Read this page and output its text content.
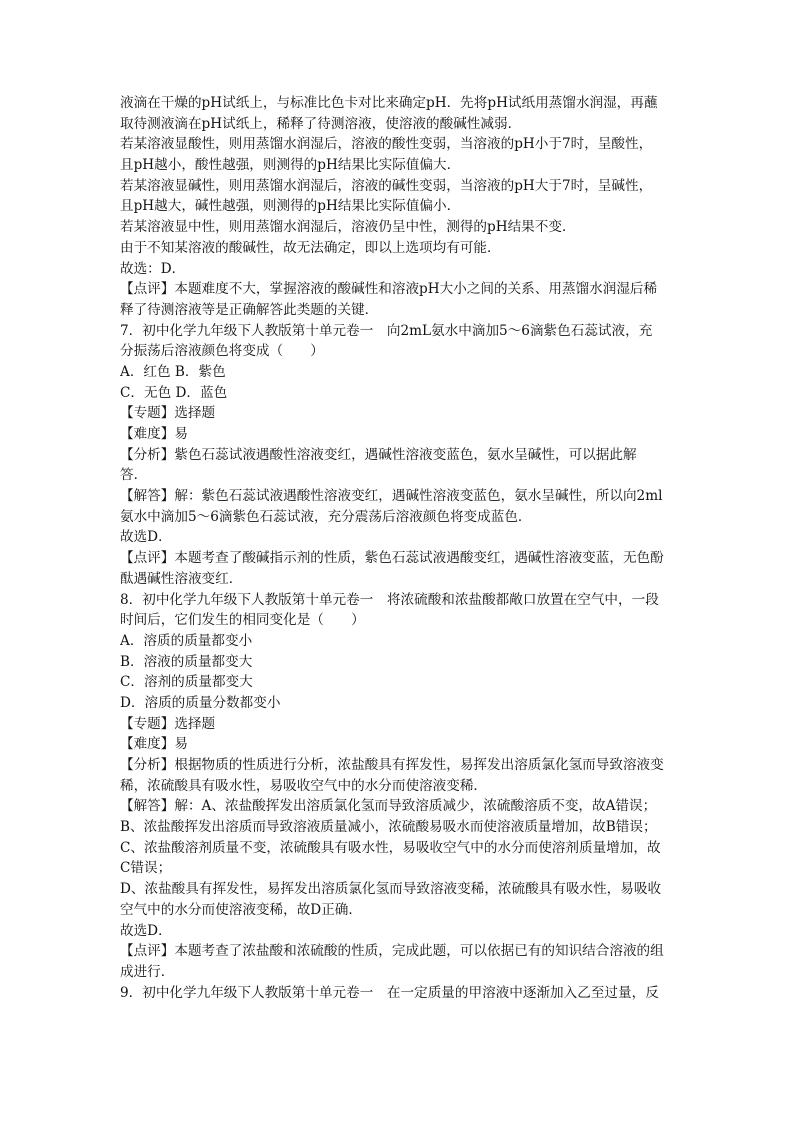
液滴在干燥的pH试纸上，与标准比色卡对比来确定pH．先将pH试纸用蒸馏水润湿，再蘸
取待测液滴在pH试纸上，稀释了待测溶液，使溶液的酸碱性减弱．
若某溶液显酸性，则用蒸馏水润湿后，溶液的酸性变弱，当溶液的pH小于7时，呈酸性，
且pH越小，酸性越强，则测得的pH结果比实际值偏大．
若某溶液显碱性，则用蒸馏水润湿后，溶液的碱性变弱，当溶液的pH大于7时，呈碱性，
且pH越大，碱性越强，则测得的pH结果比实际值偏小．
若某溶液显中性，则用蒸馏水润湿后，溶液仍呈中性，测得的pH结果不变．
由于不知某溶液的酸碱性，故无法确定，即以上选项均有可能．
故选：D．
【点评】本题难度不大，掌握溶液的酸碱性和溶液pH大小之间的关系、用蒸馏水润湿后稀
释了待测溶液等是正确解答此类题的关键．
7．初中化学九年级下人教版第十单元卷一　向2mL氨水中滴加5～6滴紫色石蕊试液，充
分振荡后溶液颜色将变成（　　）
A．红色 B．紫色
C．无色 D．蓝色
【专题】选择题
【难度】易
【分析】紫色石蕊试液遇酸性溶液变红，遇碱性溶液变蓝色，氨水呈碱性，可以据此解
答．
【解答】解：紫色石蕊试液遇酸性溶液变红，遇碱性溶液变蓝色，氨水呈碱性，所以向2ml
氨水中滴加5～6滴紫色石蕊试液，充分震荡后溶液颜色将变成蓝色．
故选D．
【点评】本题考查了酸碱指示剂的性质，紫色石蕊试液遇酸变红，遇碱性溶液变蓝，无色酚
酞遇碱性溶液变红．
8．初中化学九年级下人教版第十单元卷一　将浓硫酸和浓盐酸都敞口放置在空气中，一段
时间后，它们发生的相同变化是（　　）
A．溶质的质量都变小
B．溶液的质量都变大
C．溶剂的质量都变大
D．溶质的质量分数都变小
【专题】选择题
【难度】易
【分析】根据物质的性质进行分析，浓盐酸具有挥发性，易挥发出溶质氯化氢而导致溶液变
稀，浓硫酸具有吸水性，易吸收空气中的水分而使溶液变稀．
【解答】解：A、浓盐酸挥发出溶质氯化氢而导致溶质减少，浓硫酸溶质不变，故A错误；
B、浓盐酸挥发出溶质而导致溶液质量减小，浓硫酸易吸水而使溶液质量增加，故B错误；
C、浓盐酸溶剂质量不变，浓硫酸具有吸水性，易吸收空气中的水分而使溶剂质量增加，故
C错误；
D、浓盐酸具有挥发性，易挥发出溶质氯化氢而导致溶液变稀，浓硫酸具有吸水性，易吸收
空气中的水分而使溶液变稀，故D正确．
故选D．
【点评】本题考查了浓盐酸和浓硫酸的性质，完成此题，可以依据已有的知识结合溶液的组
成进行．
9．初中化学九年级下人教版第十单元卷一　在一定质量的甲溶液中逐渐加入乙至过量，反
